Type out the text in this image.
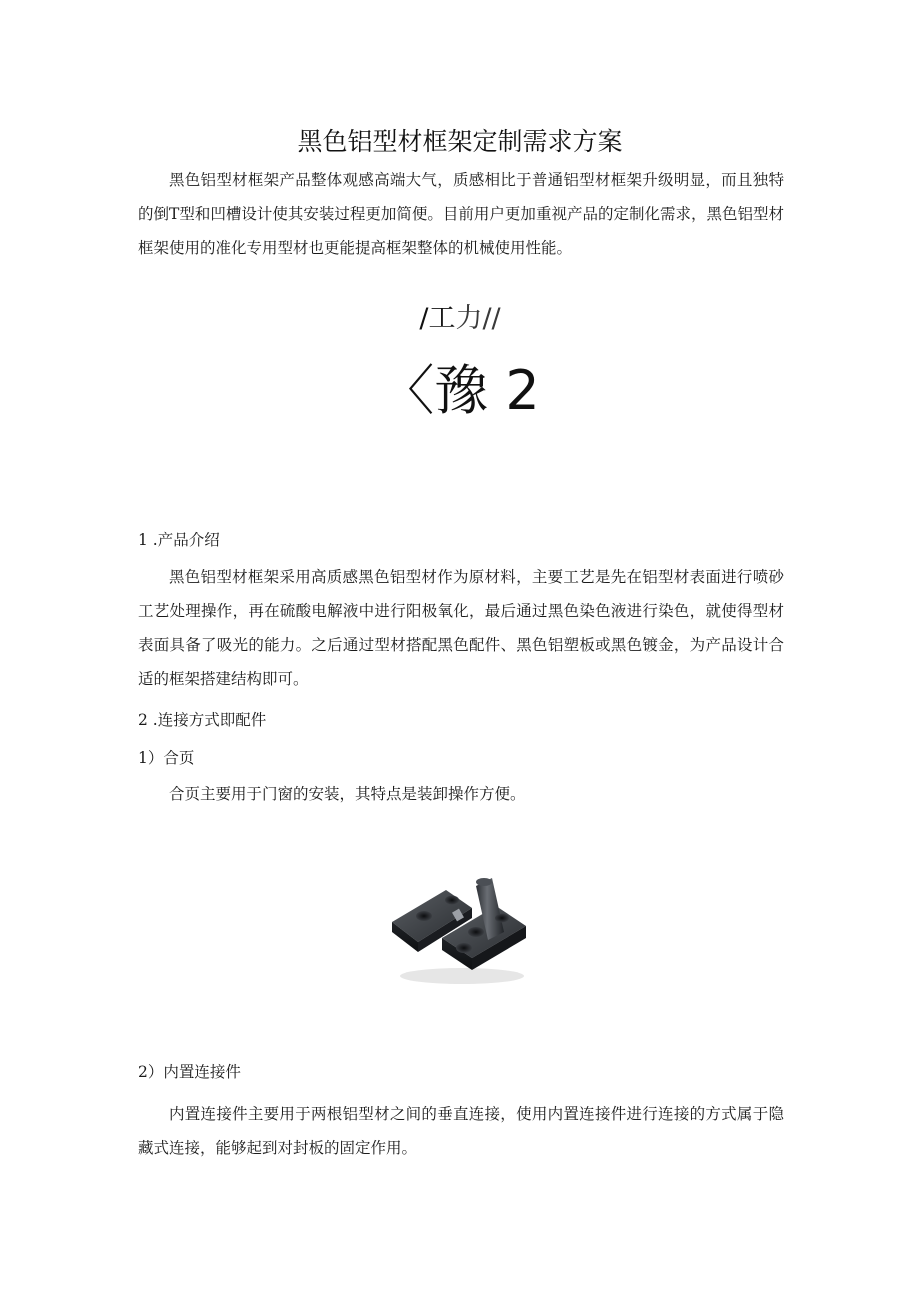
黑色铝型材框架定制需求方案

黑色铝型材框架产品整体观感高端大气，质感相比于普通铝型材框架升级明显，而且独特的倒T型和凹槽设计使其安装过程更加简便。目前用户更加重视产品的定制化需求，黑色铝型材框架使用的准化专用型材也更能提高框架整体的机械使用性能。

/工力//
〈豫 2

1 .产品介绍

黑色铝型材框架采用高质感黑色铝型材作为原材料，主要工艺是先在铝型材表面进行喷砂工艺处理操作，再在硫酸电解液中进行阳极氧化，最后通过黑色染色液进行染色，就使得型材表面具备了吸光的能力。之后通过型材搭配黑色配件、黑色铝塑板或黑色镀金，为产品设计合适的框架搭建结构即可。

2 .连接方式即配件

1）合页

合页主要用于门窗的安装，其特点是装卸操作方便。

2）内置连接件

内置连接件主要用于两根铝型材之间的垂直连接，使用内置连接件进行连接的方式属于隐藏式连接，能够起到对封板的固定作用。
